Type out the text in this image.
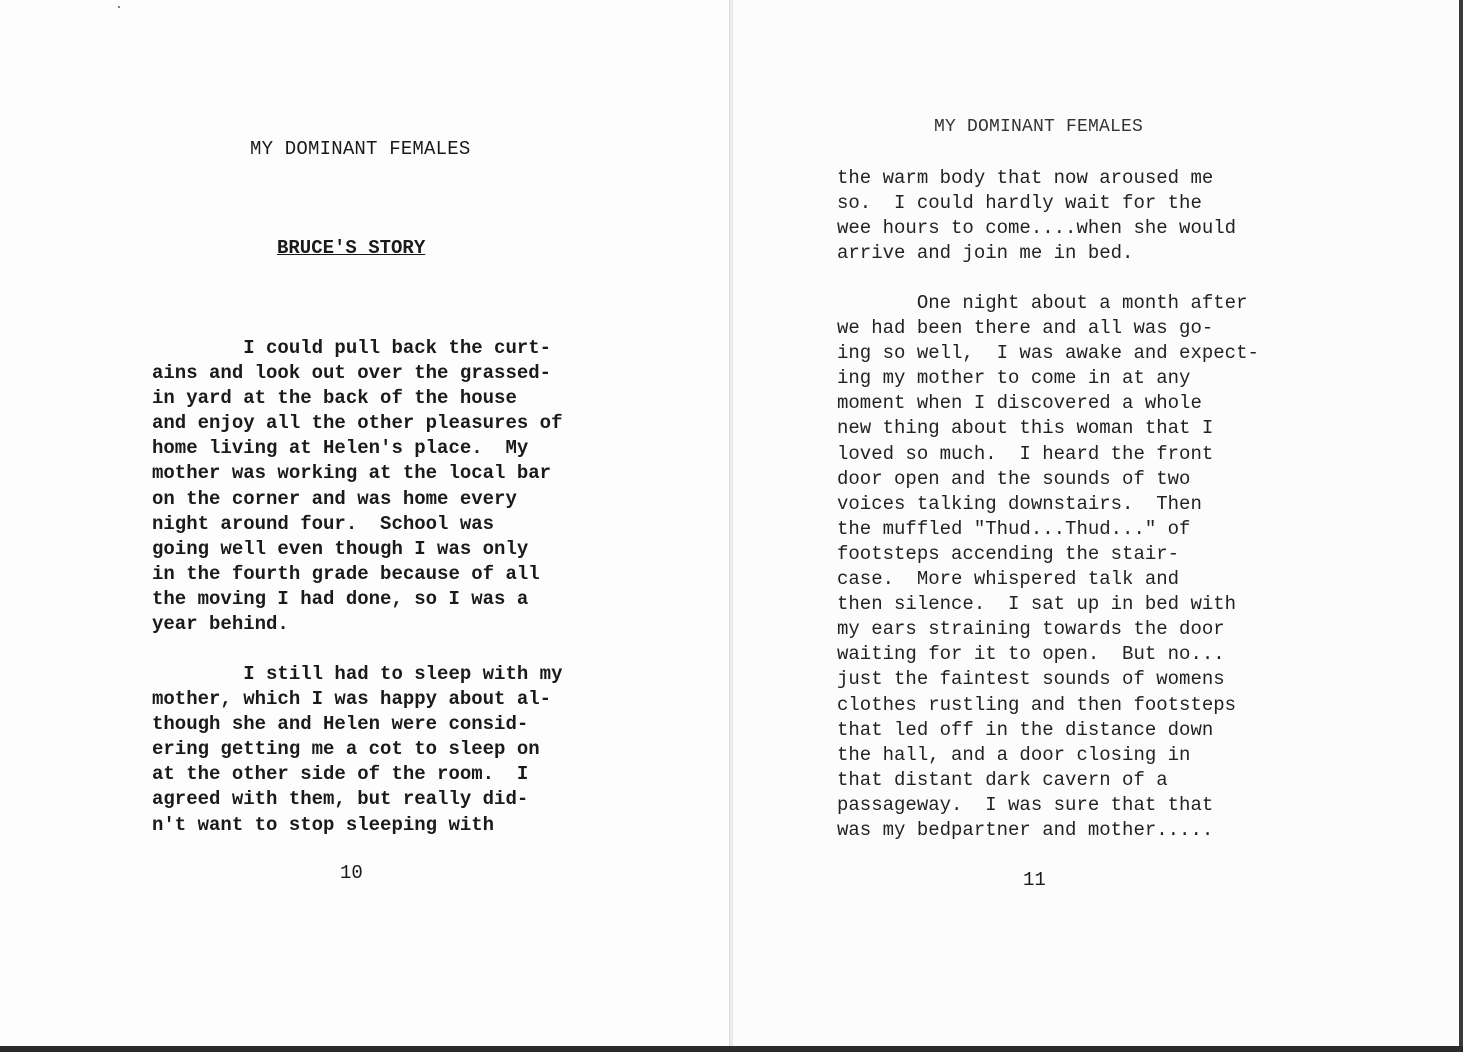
MY DOMINANT FEMALES
BRUCE'S STORY
I could pull back the curt-
ains and look out over the grassed-
in yard at the back of the house
and enjoy all the other pleasures of
home living at Helen's place.  My
mother was working at the local bar
on the corner and was home every
night around four.  School was
going well even though I was only
in the fourth grade because of all
the moving I had done, so I was a
year behind.
I still had to sleep with my
mother, which I was happy about al-
though she and Helen were consid-
ering getting me a cot to sleep on
at the other side of the room.  I
agreed with them, but really did-
n't want to stop sleeping with
10
MY DOMINANT FEMALES
the warm body that now aroused me
so.  I could hardly wait for the
wee hours to come....when she would
arrive and join me in bed.
One night about a month after
we had been there and all was go-
ing so well,  I was awake and expect-
ing my mother to come in at any
moment when I discovered a whole
new thing about this woman that I
loved so much.  I heard the front
door open and the sounds of two
voices talking downstairs.  Then
the muffled "Thud...Thud..." of
footsteps accending the stair-
case.  More whispered talk and
then silence.  I sat up in bed with
my ears straining towards the door
waiting for it to open.  But no...
just the faintest sounds of womens
clothes rustling and then footsteps
that led off in the distance down
the hall, and a door closing in
that distant dark cavern of a
passageway.  I was sure that that
was my bedpartner and mother.....
11
